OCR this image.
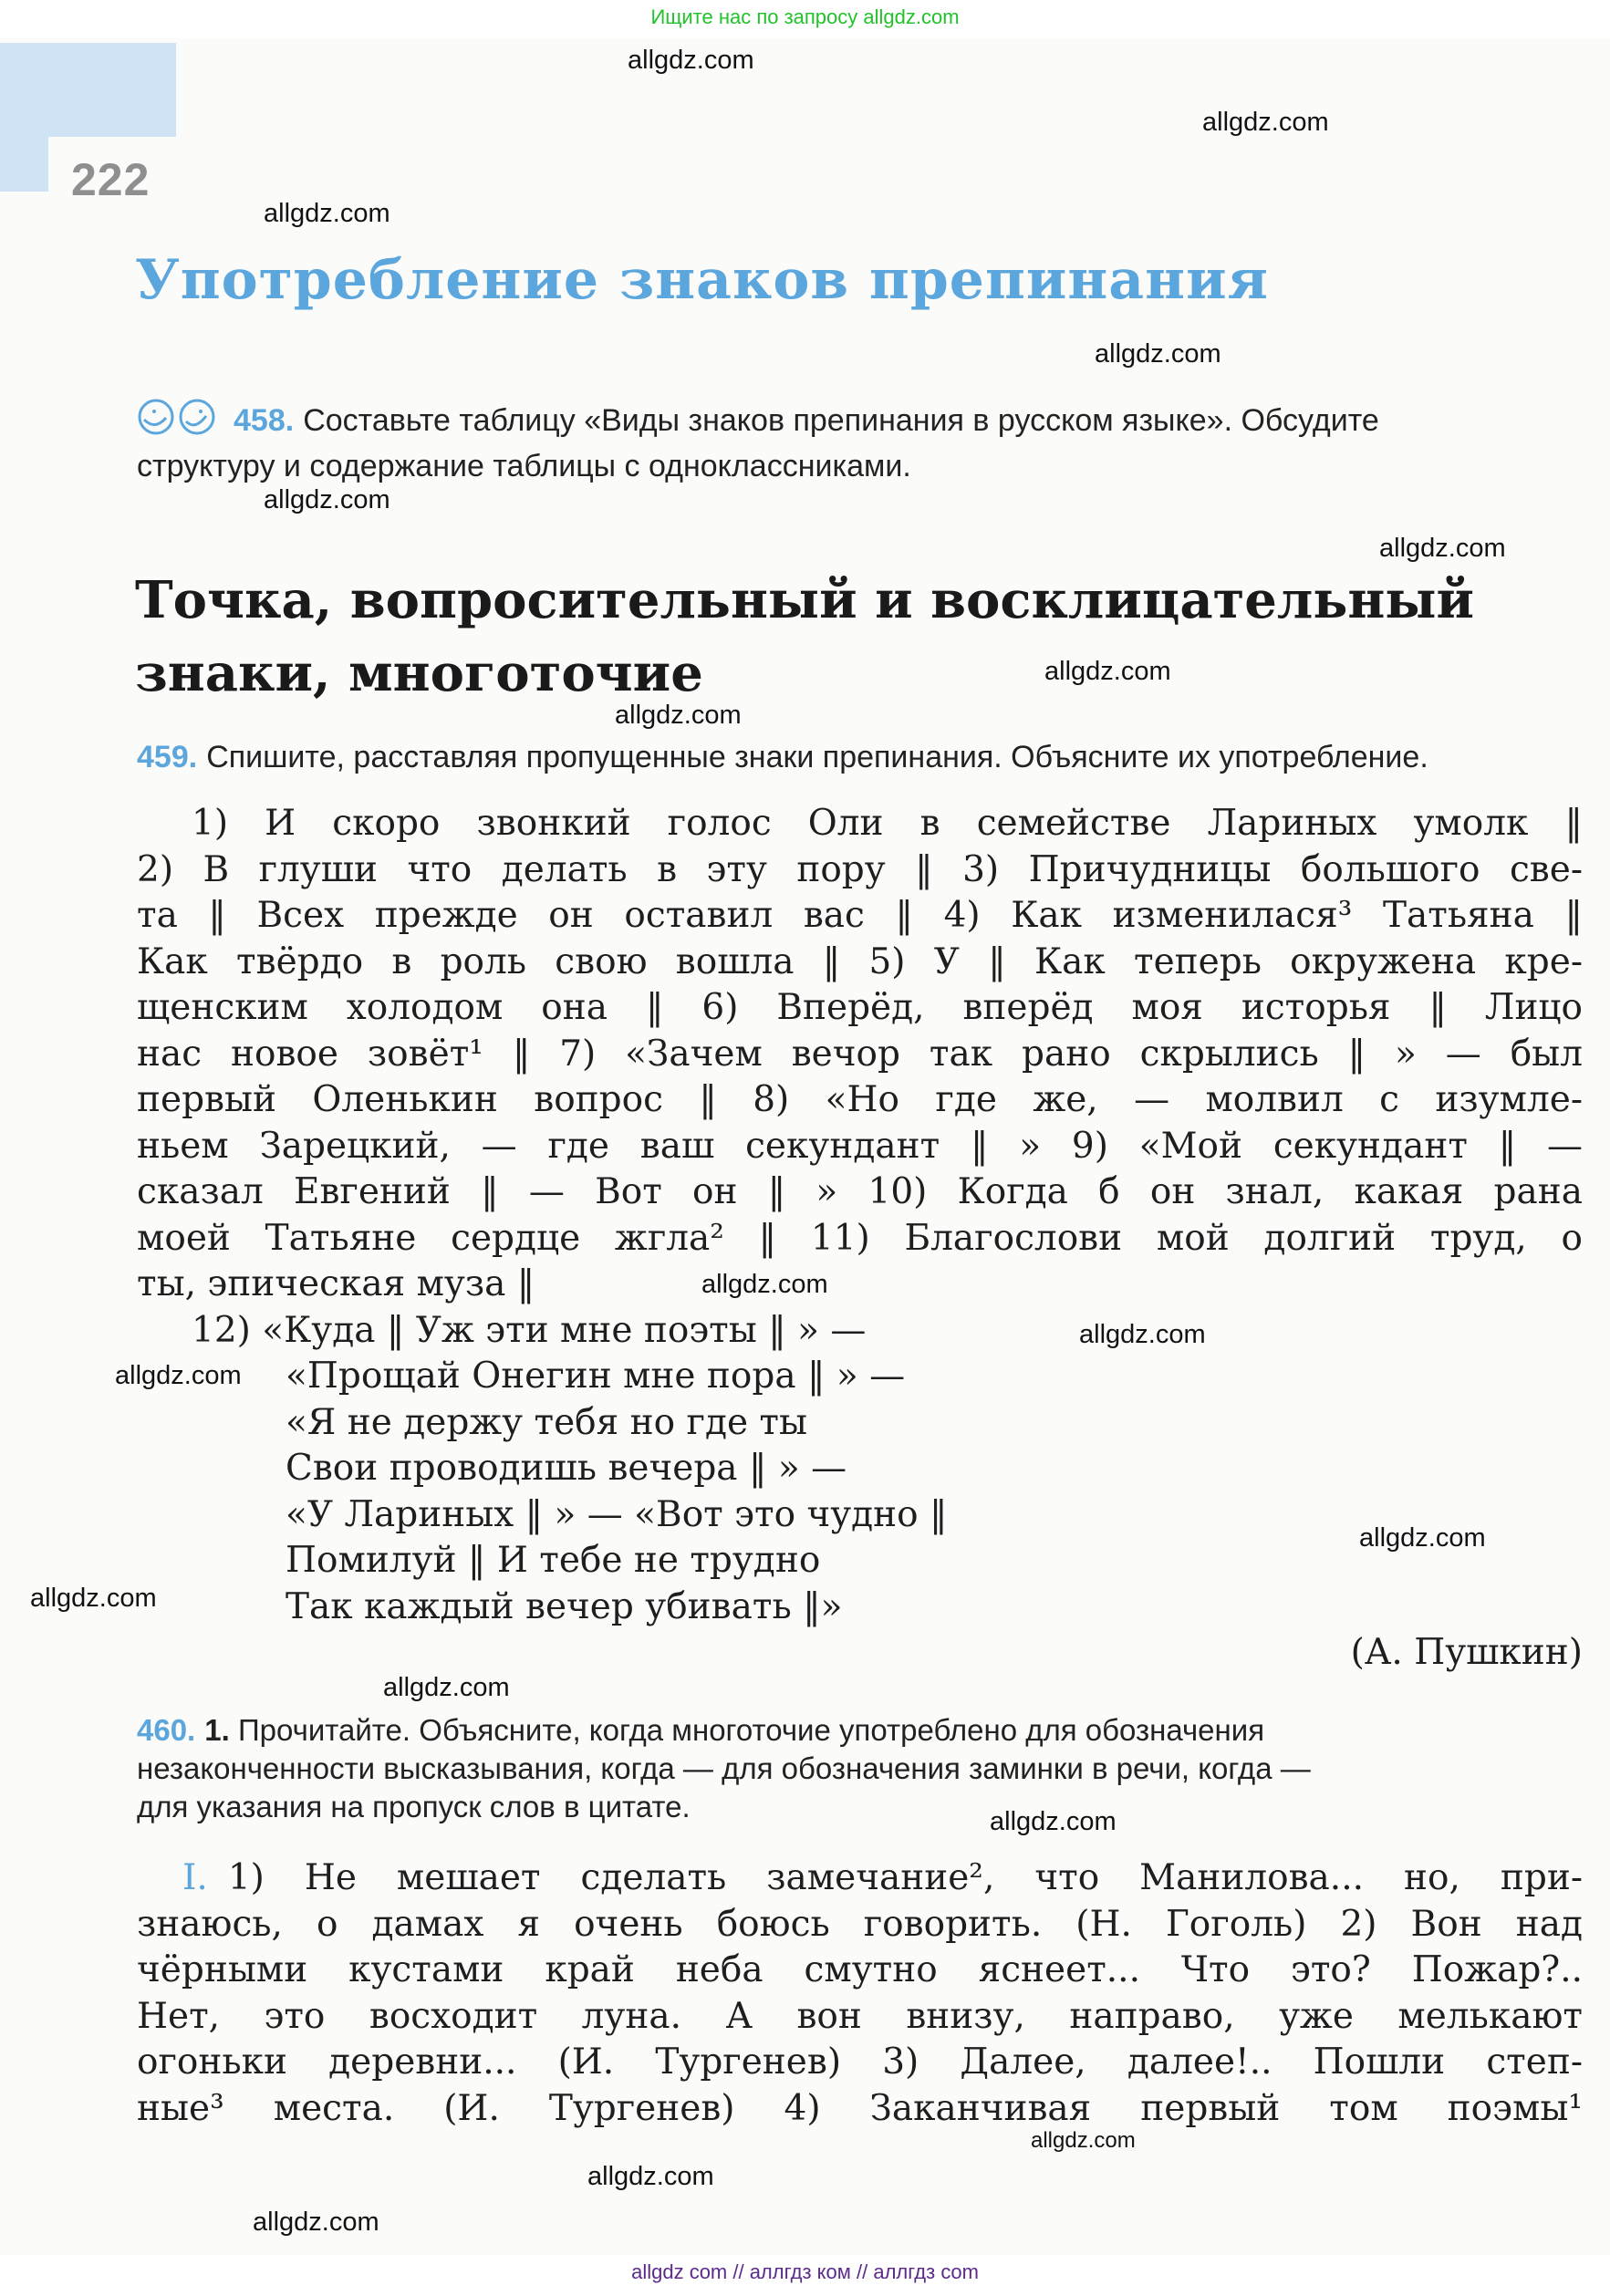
Ищите нас по запросу allgdz.com
222
Употребление знаков препинания
458. Составьте таблицу «Виды знаков препинания в русском языке». Обсудите
структуру и содержание таблицы с одноклассниками.
Точка, вопросительный и восклицательный
знаки, многоточие
459. Спишите, расставляя пропущенные знаки препинания. Объясните их употребление.
1) И скоро звонкий голос Оли в семействе Лариных умолк ‖
2) В глуши что делать в эту пору ‖ 3) Причудницы большого све-
та ‖ Всех прежде он оставил вас ‖ 4) Как изменилася³ Татьяна ‖
Как твёрдо в роль свою вошла ‖ 5) У ‖ Как теперь окружена кре-
щенским холодом она ‖ 6) Вперёд, вперёд моя исторья ‖ Лицо
нас новое зовёт¹ ‖ 7) «Зачем вечор так рано скрылись ‖ » — был
первый Оленькин вопрос ‖ 8) «Но где же, — молвил с изумле-
ньем Зарецкий, — где ваш секундант ‖ » 9) «Мой секундант ‖ —
сказал Евгений ‖ — Вот он ‖ » 10) Когда б он знал, какая рана
моей Татьяне сердце жгла² ‖ 11) Благослови мой долгий труд, о
ты, эпическая муза ‖
12) «Куда ‖ Уж эти мне поэты ‖ » —
«Прощай Онегин мне пора ‖ » —
«Я не держу тебя но где ты
Свои проводишь вечера ‖ » —
«У Лариных ‖ » — «Вот это чудно ‖
Помилуй ‖ И тебе не трудно
Так каждый вечер убивать ‖»
(А. Пушкин)
460. 1. Прочитайте. Объясните, когда многоточие употреблено для обозначения
незаконченности высказывания, когда — для обозначения заминки в речи, когда —
для указания на пропуск слов в цитате.
I. 1) Не мешает сделать замечание², что Манилова... но, при-
знаюсь, о дамах я очень боюсь говорить. (Н. Гоголь) 2) Вон над
чёрными кустами край неба смутно яснеет... Что это? Пожар?..
Нет, это восходит луна. А вон внизу, направо, уже мелькают
огоньки деревни... (И. Тургенев) 3) Далее, далее!.. Пошли степ-
ные³ места. (И. Тургенев) 4) Заканчивая первый том поэмы¹
allgdz.com
allgdz.com
allgdz.com
allgdz.com
allgdz.com
allgdz.com
allgdz.com
allgdz.com
allgdz.com
allgdz.com
allgdz.com
allgdz.com
allgdz.com
allgdz.com
allgdz.com
allgdz.com
allgdz.com
allgdz.com
allgdz com // аллгдз ком // аллгдз com
